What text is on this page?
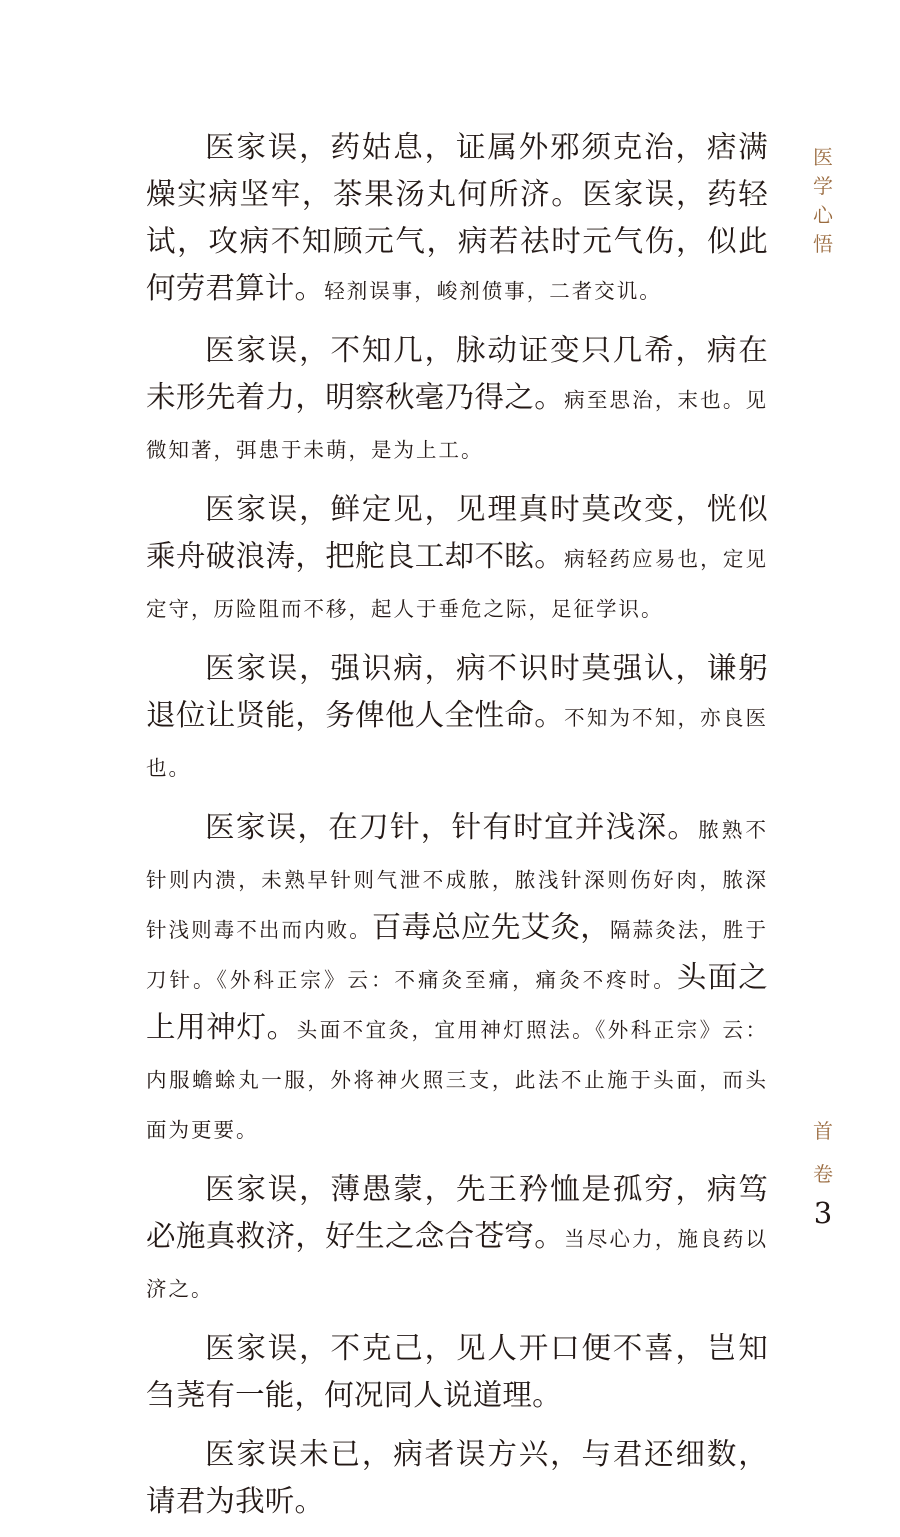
医家误，药姑息，证属外邪须克治，痞满燥实病坚牢，茶果汤丸何所济。医家误，药轻试，攻病不知顾元气，病若祛时元气伤，似此何劳君算计。轻剂误事，峻剂偾事，二者交讥。

医家误，不知几，脉动证变只几希，病在未形先着力，明察秋毫乃得之。病至思治，末也。见微知著，弭患于未萌，是为上工。

医家误，鲜定见，见理真时莫改变，恍似乘舟破浪涛，把舵良工却不眩。病轻药应易也，定见定守，历险阻而不移，起人于垂危之际，足征学识。

医家误，强识病，病不识时莫强认，谦躬退位让贤能，务俾他人全性命。不知为不知，亦良医也。

医家误，在刀针，针有时宜并浅深。脓熟不针则内溃，未熟早针则气泄不成脓，脓浅针深则伤好肉，脓深针浅则毒不出而内败。百毒总应先艾灸，隔蒜灸法，胜于刀针。《外科正宗》云：不痛灸至痛，痛灸不疼时。头面之上用神灯。头面不宜灸，宜用神灯照法。《外科正宗》云：内服蟾蜍丸一服，外将神火照三支，此法不止施于头面，而头面为更要。

医家误，薄愚蒙，先王矜恤是孤穷，病笃必施真救济，好生之念合苍穹。当尽心力，施良药以济之。

医家误，不克己，见人开口便不喜，岂知刍荛有一能，何况同人说道理。

医家误未已，病者误方兴，与君还细数，请君为我听。

医
学
心
悟
首
卷
3
